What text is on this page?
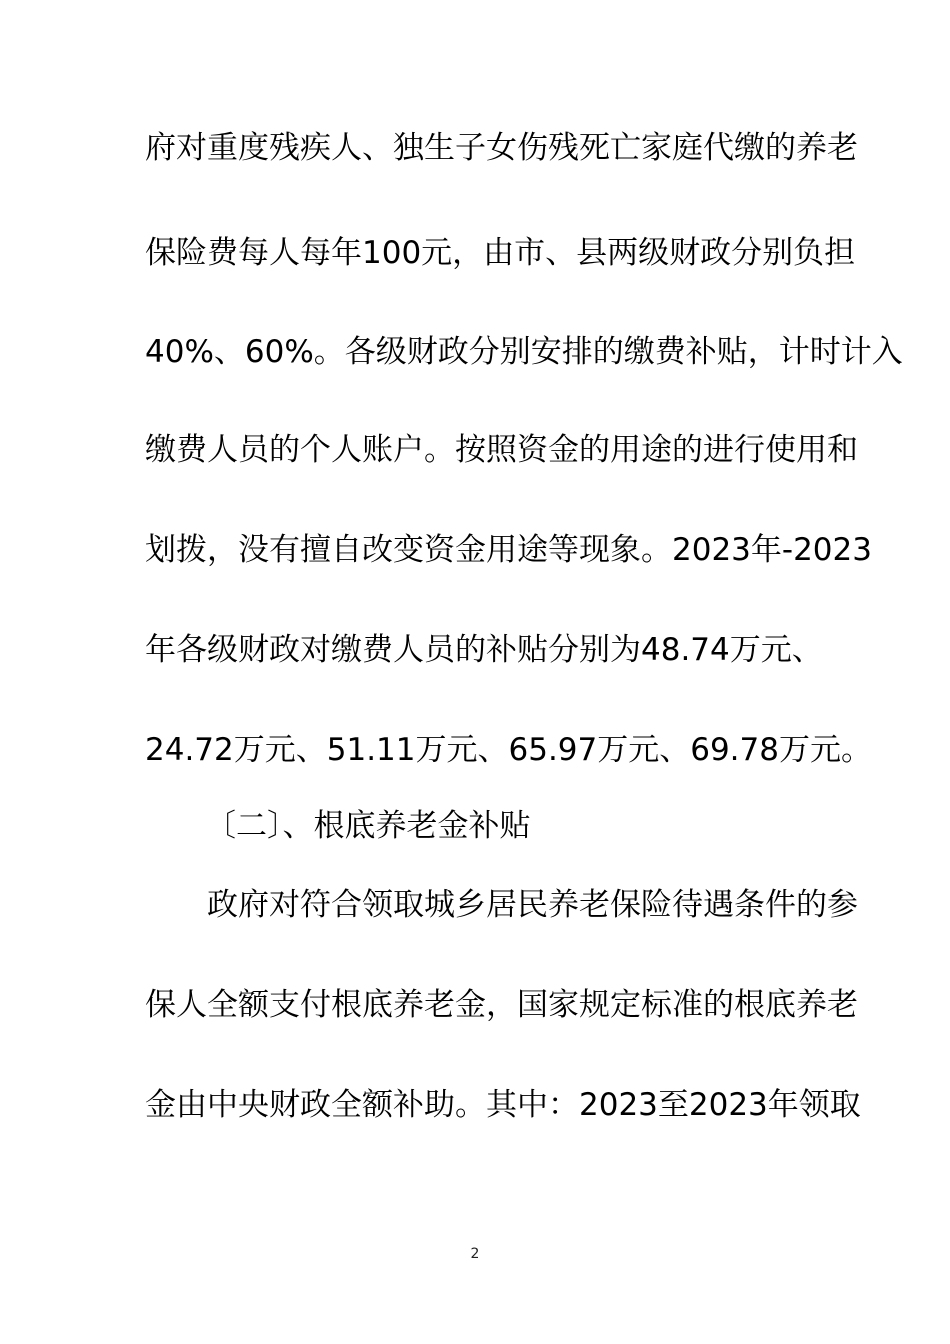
府对重度残疾人、独生子女伤残死亡家庭代缴的养老
保险费每人每年100元，由市、县两级财政分别负担
40%、60%。各级财政分别安排的缴费补贴，计时计入
缴费人员的个人账户。按照资金的用途的进行使用和
划拨，没有擅自改变资金用途等现象。2023年-2023
年各级财政对缴费人员的补贴分别为48.74万元、
24.72万元、51.11万元、65.97万元、69.78万元。
〔二〕、根底养老金补贴
政府对符合领取城乡居民养老保险待遇条件的参
保人全额支付根底养老金，国家规定标准的根底养老
金由中央财政全额补助。其中：2023至2023年领取
2
